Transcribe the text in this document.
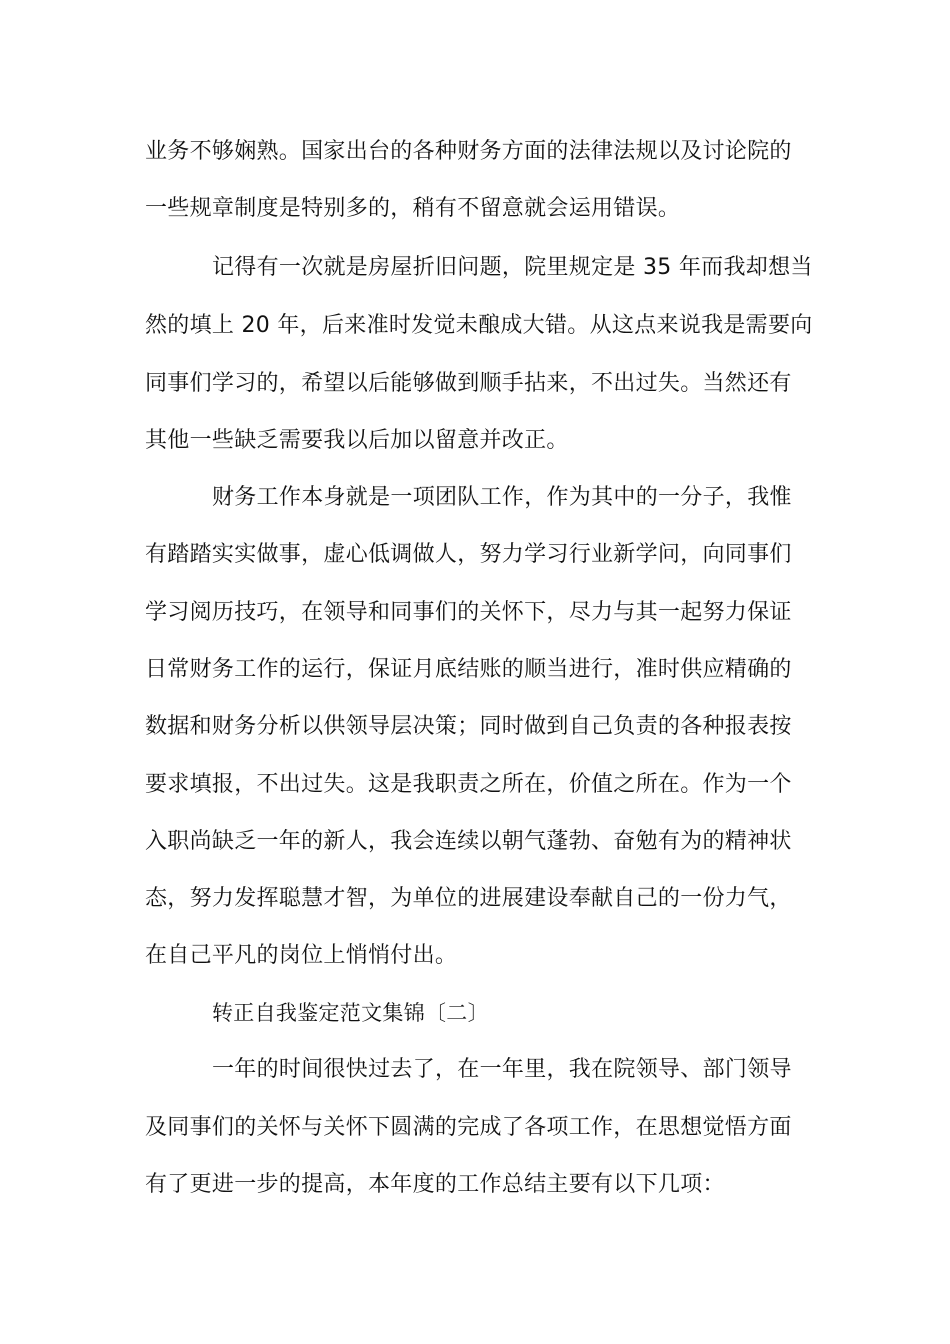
业务不够娴熟。国家出台的各种财务方面的法律法规以及讨论院的
一些规章制度是特别多的，稍有不留意就会运用错误。
记得有一次就是房屋折旧问题，院里规定是 35 年而我却想当
然的填上 20 年，后来准时发觉未酿成大错。从这点来说我是需要向
同事们学习的，希望以后能够做到顺手拈来，不出过失。当然还有
其他一些缺乏需要我以后加以留意并改正。
财务工作本身就是一项团队工作，作为其中的一分子，我惟
有踏踏实实做事，虚心低调做人，努力学习行业新学问，向同事们
学习阅历技巧，在领导和同事们的关怀下，尽力与其一起努力保证
日常财务工作的运行，保证月底结账的顺当进行，准时供应精确的
数据和财务分析以供领导层决策；同时做到自己负责的各种报表按
要求填报，不出过失。这是我职责之所在，价值之所在。作为一个
入职尚缺乏一年的新人，我会连续以朝气蓬勃、奋勉有为的精神状
态，努力发挥聪慧才智，为单位的进展建设奉献自己的一份力气，
在自己平凡的岗位上悄悄付出。
转正自我鉴定范文集锦〔二〕
一年的时间很快过去了，在一年里，我在院领导、部门领导
及同事们的关怀与关怀下圆满的完成了各项工作，在思想觉悟方面
有了更进一步的提高，本年度的工作总结主要有以下几项：
